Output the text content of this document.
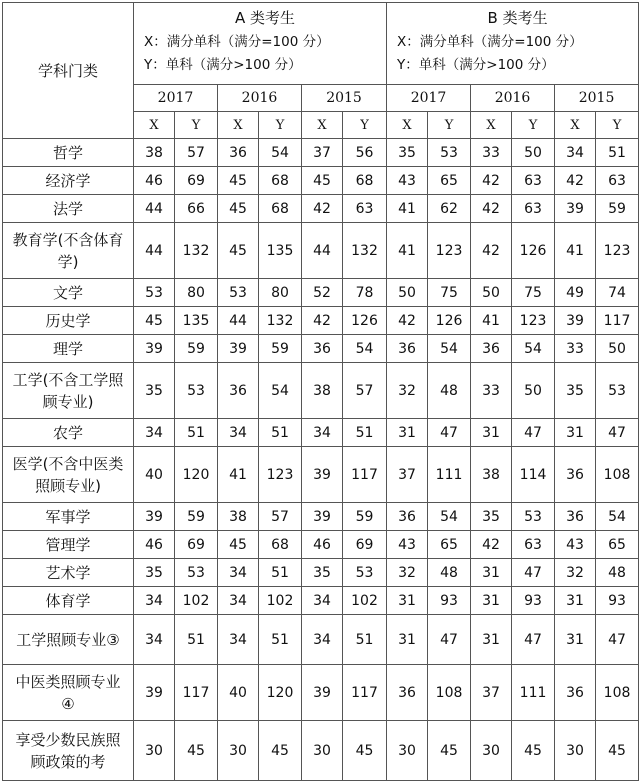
学科门类	A 类考生
X：满分单科（满分=100 分）
Y：单科（满分>100 分）						B 类考生
X：满分单科（满分=100 分）
Y：单科（满分>100 分）					

	2017		2016		2015		2017		2016		2015	
	X	Y	X	Y	X	Y	X	Y	X	Y	X	Y
哲学	38	57	36	54	37	56	35	53	33	50	34	51
经济学	46	69	45	68	45	68	43	65	42	63	42	63
法学	44	66	45	68	42	63	41	62	42	63	39	59
教育学(不含体育学)	44	132	45	135	44	132	41	123	42	126	41	123
文学	53	80	53	80	52	78	50	75	50	75	49	74
历史学	45	135	44	132	42	126	42	126	41	123	39	117
理学	39	59	39	59	36	54	36	54	36	54	33	50
工学(不含工学照顾专业)	35	53	36	54	38	57	32	48	33	50	35	53
农学	34	51	34	51	34	51	31	47	31	47	31	47
医学(不含中医类照顾专业)	40	120	41	123	39	117	37	111	38	114	36	108
军事学	39	59	38	57	39	59	36	54	35	53	36	54
管理学	46	69	45	68	46	69	43	65	42	63	43	65
艺术学	35	53	34	51	35	53	32	48	31	47	32	48
体育学	34	102	34	102	34	102	31	93	31	93	31	93
工学照顾专业③	34	51	34	51	34	51	31	47	31	47	31	47
中医类照顾专业④	39	117	40	120	39	117	36	108	37	111	36	108
享受少数民族照顾政策的考	30	45	30	45	30	45	30	45	30	45	30	45
